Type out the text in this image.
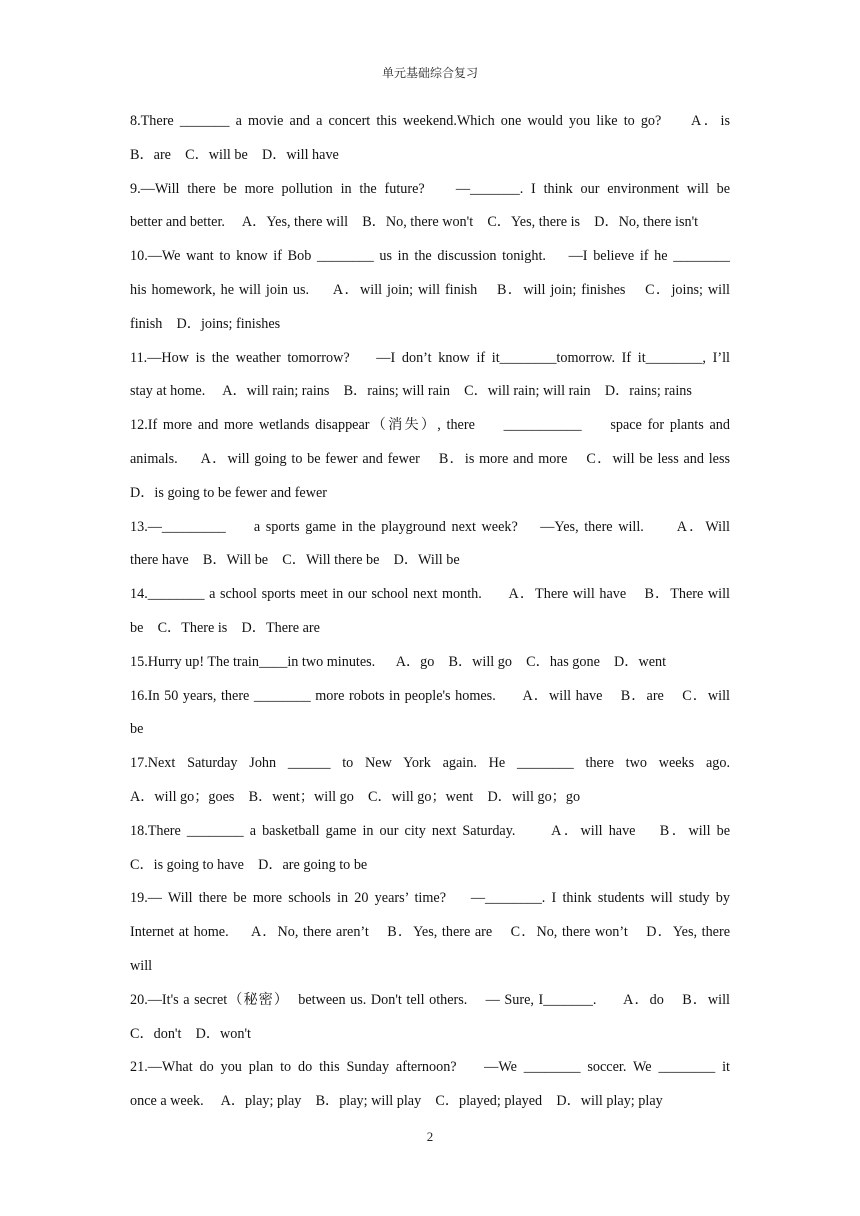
单元基础综合复习
8.There _______ a movie and a concert this weekend.Which one would you like to go?     A．is
B．are    C．will be    D．will have
9.—Will there be more pollution in the future?    —_______. I think our environment will be
better and better.     A．Yes, there will    B．No, there won't    C．Yes, there is    D．No, there isn't
10.—We want to know if Bob ________ us in the discussion tonight.    —I believe if he ________
his homework, he will join us.     A．will join; will finish    B．will join; finishes    C．joins; will
finish    D．joins; finishes
11.—How is the weather tomorrow?    —I don’t know if it________tomorrow. If it________, I’ll
stay at home.     A．will rain; rains    B．rains; will rain    C．will rain; will rain    D．rains; rains
12.If more and more wetlands disappear（消失）, there     ___________     space for plants and
animals.     A．will going to be fewer and fewer    B．is more and more    C．will be less and less
D．is going to be fewer and fewer
13.—_________     a sports game in the playground next week?    —Yes, there will.      A．Will
there have    B．Will be    C．Will there be    D．Will be
14.________ a school sports meet in our school next month.      A．There will have    B．There will
be    C．There is    D．There are
15.Hurry up! The train____in two minutes.      A．go    B．will go    C．has gone    D．went
16.In 50 years, there ________ more robots in people's homes.      A．will have    B．are    C．will
be
17.Next Saturday John ______ to New York again. He ________ there two weeks ago.
A．will go；goes    B．went；will go    C．will go；went    D．will go；go
18.There ________ a basketball game in our city next Saturday.      A．will have    B．will be
C．is going to have    D．are going to be
19.— Will there be more schools in 20 years’ time?    —________. I think students will study by
Internet at home.     A．No, there aren’t    B．Yes, there are    C．No, there won’t    D．Yes, there
will
20.—It's a secret（秘密）  between us. Don't tell others.    — Sure, I_______.      A．do    B．will
C．don't    D．won't
21.—What do you plan to do this Sunday afternoon?    —We ________ soccer. We ________ it
once a week.     A．play; play    B．play; will play    C．played; played    D．will play; play
2
